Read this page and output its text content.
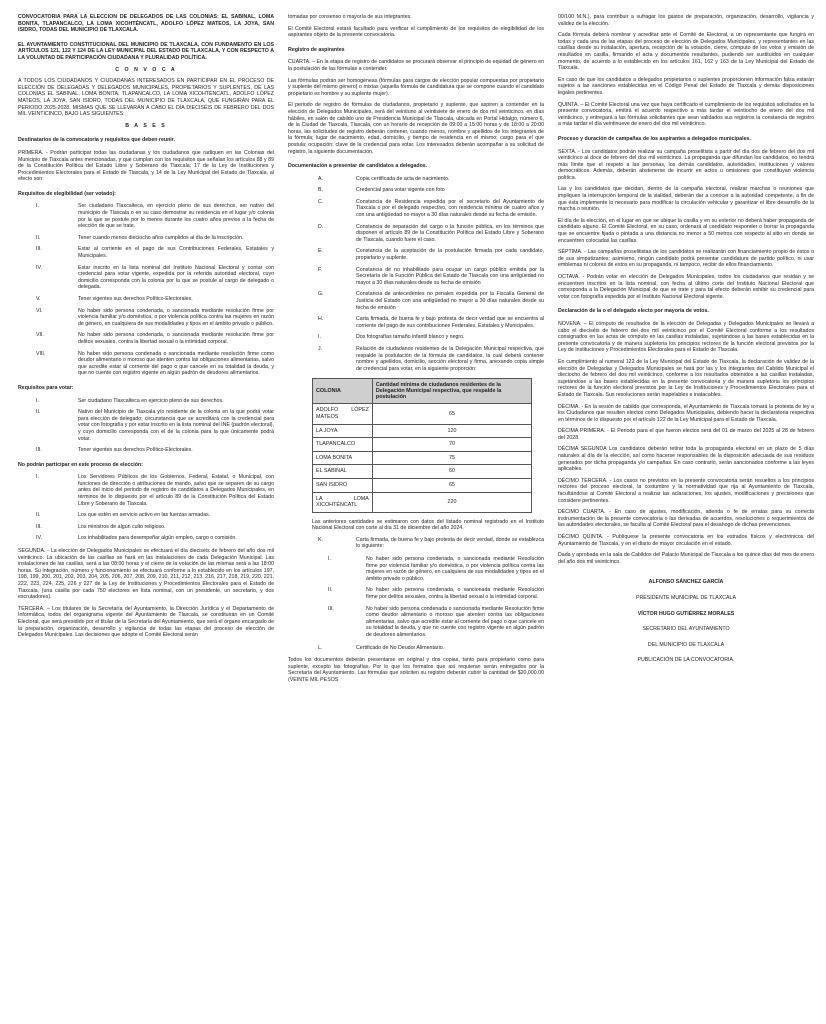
CONVOCATORIA PARA LA ELECCIÓN DE DELEGADOS DE LAS COLONIAS: EL SABINAL, LOMA BONITA, TLAPANCALCO, LA LOMA XICOHTÉNCATL, ADOLFO LÓPEZ MATEOS, LA JOYA, SAN ISIDRO, TODAS DEL MUNICIPIO DE TLAXCALA.

EL AYUNTAMIENTO CONSTITUCIONAL DEL MUNICIPIO DE TLAXCALA, CON FUNDAMENTO EN LOS ARTÍCULOS 121, 122 Y 124 DE LA LEY MUNICIPAL DEL ESTADO DE TLAXCALA, Y CON RESPECTO A LA VOLUNTAD DE PARTICIPACIÓN CIUDADANA Y PLURALIDAD POLÍTICA.

C O N V O C A

A TODOS LOS CIUDADANOS Y CIUDADANAS INTERESADOS EN PARTICIPAR EN EL PROCESO DE ELECCIÓN DE DELEGADAS Y DELEGADOS MUNICIPALES, PROPIETARIOS Y SUPLENTES, DE LAS COLONIAS EL SABINAL, LOMA BONITA, TLAPANCALCO, LA LOMA XICOHTÉNCATL, ADOLFO LÓPEZ MATEOS, LA JOYA, SAN ISIDRO, TODAS DEL MUNICIPIO DE TLAXCALA, QUE FUNGIRÁN PARA EL PERIODO 2025-2028, MISMAS QUE SE LLEVARÁN A CABO EL DÍA DIECISÉIS DE FEBRERO DEL DOS MIL VEINTICINCO, BAJO LAS SIGUIENTES:

B A S E S

Destinatarios de la convocatoria y requisitos que deben reunir.

PRIMERA. - Podrán participar todas las ciudadanas y los ciudadanos que radiquen en las Colonias del Municipio de Tlaxcala antes mencionadas, y que cumplan con los requisitos que señalan los artículos 88 y 89 de la Constitución Política del Estado Libre y Soberano de Tlaxcala; 17 de la Ley de Instituciones y Procedimientos Electorales para el Estado de Tlaxcala, y 14 de la Ley Municipal del Estado de Tlaxcala, al efecto son:

Requisitos de elegibilidad (ser votado):

I.	Ser ciudadano Tlaxcalteca, en ejercicio pleno de sus derechos, ser nativo del municipio de Tlaxcala o en su caso demostrar su residencia en el lugar y/o colonia por la que se postule por lo menos durante los cuatro años previos a la fecha de elección de que se trate.
II.	Tener cuando menos dieciocho años cumplidos al día de la inscripción.
III.	Estar al corriente en el pago de sus Contribuciones Federales, Estatales y Municipales.
IV.	Estar inscrito en la lista nominal del Instituto Nacional Electoral y contar con credencial para votar vigente, expedida por la referida autoridad electoral, cuyo domicilio corresponda con la colonia por la que se postule al cargo de delegado o delegada.
V.	Tener vigentes sus derechos Político-Electorales.
VI.	No haber sido persona condenada, o sancionada mediante resolución firme por violencia familiar y/o doméstica, o por violencia política contra las mujeres en razón de género, en cualquiera de sus modalidades y tipos en el ámbito privado o público.
VII.	No haber sido persona condenada, o sancionada mediante resolución firme por delitos sexuales, contra la libertad sexual o la intimidad corporal.
VIII.	No haber sido persona condenada o sancionada mediante resolución firme como deudor alimentario o moroso que atenten contra las obligaciones alimentarias, salvo que acredite estar al corriente del pago o que cancele en su totalidad la deuda, y que no cuente con registro vigente en algún padrón de deudores alimentarios.

Requisitos para votar:

I.	Ser ciudadano Tlaxcalteca en ejercicio pleno de sus derechos.
II.	Nativo del Municipio de Tlaxcala y/o residente de la colonia en la que podrá votar para elección de delegado; circunstancia que se acreditará con la credencial para votar con fotografía y por estar inscrito en la lista nominal del INE (padrón electoral), y cuyo domicilio corresponda con el de la colonia para la que únicamente podrá votar.
III.	Tener vigentes sus derechos Político-Electorales.

No podrán participar en este proceso de elección:

I.	Los Servidores Públicos de los Gobiernos, Federal, Estatal, o Municipal, con funciones de dirección o atribuciones de mando, salvo que se separen de su cargo antes del inicio del periodo de registro de candidatos a Delegados Municipales, en términos de lo dispuesto por el artículo 89 de la Constitución Política del Estado Libre y Soberano de Tlaxcala.
II.	Los que estén en servicio activo en las fuerzas armadas.
III.	Los ministros de algún culto religioso.
IV.	Los inhabilitados para desempeñar algún empleo, cargo o comisión.

SEGUNDA. - La elección de Delegados Municipales se efectuará el día dieciséis de febrero del año dos mil veinticinco. La ubicación de las casillas se hará en las instalaciones de cada Delegación Municipal. Las instalaciones de las casillas, será a las 08:00 horas y el cierre de la votación de las mismas será a las 18:00 horas. Su integración, número y funcionamiento se efectuará conforme a lo establecido en los artículos 197, 198, 199, 200, 201, 202, 203, 204, 205, 206, 207, 208, 209, 210, 211, 212, 213, 216, 217, 218, 219, 220, 221, 222, 223, 224, 225, 226 y 227 de la Ley de Instituciones y Procedimientos Electorales para el Estado de Tlaxcala, (una casilla por cada 750 electores en lista nominal, con un presidente, un secretario, y dos escrutadores).

TERCERA. – Los titulares de la Secretaría del Ayuntamiento, la Dirección Jurídica y el Departamento de Informática, todos del organigrama vigente del Ayuntamiento de Tlaxcala, se constituirán en un Comité Electoral, que será presidido por el titular de la Secretaría del Ayuntamiento, que será el órgano encargado de la preparación, organización, desarrollo y vigilancia de todas las etapas del proceso de elección de Delegados Municipales. Las decisiones que adopte el Comité Electoral serán

tomadas por consenso o mayoría de sus integrantes.

El Comité Electoral estará facultado para verificar el cumplimiento de los requisitos de elegibilidad de los aspirantes objeto de la presente convocatoria.

Registro de aspirantes

CUARTA. – En la etapa de registro de candidatos se procurará observar el principio de equidad de género en la postulación de las fórmulas a contender.

Las fórmulas podrán ser homogéneas (fórmulas para cargos de elección popular compuestas por propietario y suplente del mismo género) o mixtas (aquella fórmula de candidatura que se compone cuando el candidato propietario es hombre y su suplente mujer).

El periodo de registro de fórmulas de ciudadanos, propietario y suplente, que aspiren a contender en la elección de Delegados Municipales, será del veintiuno al veintisiete de enero de dos mil veinticinco, en días hábiles, en salón de cabildo uno de Presidencia Municipal de Tlaxcala, ubicada en Portal Hidalgo, número 6, de la Ciudad de Tlaxcala, Tlaxcala, con un horario de recepción de 09:00 a 15:00 horas y de 18:00 a 20:00 horas, las solicitudes de registro deberán contener, cuando menos, nombre y apellidos de los integrantes de la fórmula; lugar de nacimiento, edad, domicilio, y tiempo de residencia en el mismo; cargo para el que postula; ocupación; clave de la credencial para votar. Los interesados deberán acompañar a su solicitud de registro, la siguiente documentación.

Documentación a presentar de candidatos a delegados.

A.	Copia certificada de acta de nacimiento.
B.	Credencial para votar vigente con foto
C.	Constancia de Residencia expedida por el secretario del Ayuntamiento de Tlaxcala o por el delegado respectivo, con residencia mínima de cuatro años y con una antigüedad no mayor a 30 días naturales desde su fecha de emisión.
D.	Constancia de separación del cargo o la función pública, en los términos que disponen el artículo 89 de la Constitución Política del Estado Libre y Soberano de Tlaxcala, cuando fuere el caso.
E.	Constancia de la aceptación de la postulación firmada por cada candidato, propietario y suplente.
F.	Constancia de no inhabilitado para ocupar un cargo público emitida por la Secretaría de la Función Pública del Estado de Tlaxcala con una antigüedad no mayor a 30 días naturales desde su fecha de emisión
G.	Constancia de antecedentes no penales expedida por la Fiscalía General de Justicia del Estado con una antigüedad no mayor a 30 días naturales desde su fecha de emisión
H.	Carta firmada, de buena fe y bajo protesta de decir verdad que se encuentra al corriente del pago de sus contribuciones Federales, Estatales y Municipales.
I.	Dos fotografías tamaño infantil blanco y negro.
J.	Relación de ciudadanos residentes de la Delegación Municipal respectiva, que respalde la postulación de la fórmula de candidatos, la cual deberá contener nombre y apellidos, domicilio, sección electoral y firma, anexando copia simple de credencial para votar, en la siguiente proporción:
COLONIA	Cantidad mínima de ciudadanos residentes de la Delegación Municipal respectiva, que respalde la postulación
ADOLFO LÓPEZ MATEOS	65
LA JOYA	120
TLAPANCALCO	70
LOMA BONITA	75
EL SABINAL	60
SAN ISIDRO	65
LA LOMA XICOHTÉNCATL	220

Las anteriores cantidades se estimaron con datos del listado nominal registrado en el Instituto Nacional Electoral con corte al día 31 de diciembre del año 2024.

K.	Carta firmada, de buena fe y bajo protesta de decir verdad, donde se establezca lo siguiente:
I.	No haber sido persona condenada, o sancionada mediante Resolución firme por violencia familiar y/o doméstica, o por violencia política contra las mujeres en razón de género, en cualquiera de sus modalidades y tipos en el ámbito privado o público.
II.	No haber sido persona condenada, o sancionada mediante Resolución firme por delitos sexuales, contra la libertad sexual o la intimidad corporal.
III.	No haber sido persona condenada o sancionada mediante Resolución firme como deudor alimentario o moroso que atenten contra las obligaciones alimentarias, salvo que acredite estar al corriente del pago o que cancele en su totalidad la deuda, y que no cuente con registro vigente en algún padrón de deudores alimentarios.
L.	Certificado de No Deudor Alimentario.

Todos los documentos deberán presentarse en original y dos copias, tanto para propietario como para suplente, excepto las fotografías. Por lo que los formatos que así requieran serán entregados por la Secretaría del Ayuntamiento. Las fórmulas que soliciten su registro deberán cubrir la cantidad de $20,000.00 (VEINTE MIL PESOS

00/100 M.N.), para contribuir a sufragar los gastos de preparación, organización, desarrollo, vigilancia y validez de la elección.

Cada fórmula deberá nombrar y acreditar ante el Comité de Electoral, a un representante que fungirá en todas y cada una de las etapas del proceso de elección de Delegados Municipales, y representantes en las casillas desde su instalación, apertura, recepción de la votación, cierre, cómputo de los votos y emisión de resultados en casilla, firmando el acta y documentos resultantes, pudiendo ser sustituidos en cualquier momento, de acuerdo a lo establecido en los artículos 161, 162 y 163 de la Ley Municipal del Estado de Tlaxcala.

En caso de que los candidatos a delegados propietarios o suplentes proporcionen información falsa estarán sujetos a las sanciones establecidas en el Código Penal del Estado de Tlaxcala y demás disposiciones legales pertinentes.

QUINTA. – El Comité Electoral una vez que haya certificado el cumplimiento de los requisitos solicitados en la presente convocatoria, emitirá el acuerdo respectivo a más tardar el veintiocho de enero del dos mil veinticinco, y entregará a las fórmulas solicitantes que sean validados sus registros la constancia de registro a más tardar el día veintinueve de enero del dos mil veinticinco.

Proceso y duración de campañas de los aspirantes a delegados municipales.

SEXTA. - Los candidatos podrán realizar su campaña proselitista a partir del día dos de febrero del dos mil veinticinco al doce de febrero del dos mil veinticinco. La propaganda que difundan los candidatos, no tendrá más límite que el respeto a las personas, los demás candidatos, autoridades, instituciones y valores democráticos. Además, deberán abstenerse de incurrir en actos u omisiones que constituyan violencia política.

Las y los candidatos que decidan, dentro de la campaña electoral, realizar marchas o reuniones que impliquen la interrupción temporal de la vialidad, deberán dar a conocer a la autoridad competente, a fin de que ésta implemente lo necesario para modificar la circulación vehicular y garantizar el libre desarrollo de la marcha o reunión.

El día de la elección, en el lugar en que se ubique la casilla y en su exterior no deberá haber propaganda de candidato alguno. El Comité Electoral, en su caso, ordenará al candidato responder o borrar la propaganda que se encuentre fijada o pintada a una distancia no menor a 50 metros con respecto al sitio en donde se encuentren colocadas las casillas.

SÉPTIMA. - Las campañas proselitistas de los candidatos se realizarán con financiamiento propio de éstos o de sus simpatizantes; asimismo, ningún candidato podrá presentar candidatura de partido político, ni usar emblemas ni colores de estos en su propaganda, ni tampoco, recibir de ellos financiamiento.

OCTAVA. - Podrán votar en elección de Delegados Municipales, todos los ciudadanos que residan y se encuentren inscritos en la lista nominal, con fecha al último corte del Instituto Nacional Electoral que corresponda a la Delegación Municipal de que se trate y para tal efecto deberán exhibir su credencial para votar con fotografía expedida por el Instituto Nacional Electoral vigente.

Declaración de la o el delegado electo por mayoría de votos.

NOVENA. – El cómputo de resultados de la elección de Delegadas y Delegados Municipales se llevará a cabo el dieciséis de febrero del dos mil veinticinco por el Comité Electoral conforme a los resultados consignados en las actas de cómputo en las casillas instaladas, sujetándose a las bases establecidas en la presente convocatoria y de manera supletoria los principios rectores de la función electoral previstos por la Ley de Instituciones y Procedimientos Electorales para el Estado de Tlaxcala.

En cumplimiento al numeral 122 de la Ley Municipal del Estado de Tlaxcala, la declaración de validez de la elección de Delegadas y Delegados Municipales se hará por las y los integrantes del Cabildo Municipal el dieciocho de febrero del dos mil veinticinco, conforme a los resultados obtenidos a las casillas instaladas, sujetándose a las bases establecidas en la presente convocatoria y de manera supletoria los principios rectores de la función electoral previstos por la Ley de Instituciones y Procedimientos Electorales para el Estado de Tlaxcala. Sus resoluciones serán inapelables e inatacables.

DÉCIMA. - En la sesión de cabildo que corresponda, el Ayuntamiento de Tlaxcala tomará la protesta de ley a los Ciudadanos que resulten electos como Delegados Municipales, debiendo hacer la declaratoria respectiva en términos de lo dispuesto por el artículo 122 de la Ley Municipal para el Estado de Tlaxcala.

DÉCIMA PRIMERA. - El Periodo para el que fueron electos será del 01 de marzo del 2025 al 28 de febrero del 2028.

DÉCIMA SEGUNDA Los candidatos deberán retirar toda la propaganda electoral en un plazo de 5 días naturales al día de la elección, así como hacerse responsables de la disposición adecuada de sus residuos generados por dicha propaganda y/o campañas. En caso contrario, serán sancionados conforme a las leyes aplicables.

DÉCIMO TERCERA. - Los casos no previstos en la presente convocatoria serán resueltos a los principios rectores del proceso electoral, la costumbre y la normatividad que rija al Ayuntamiento de Tlaxcala, facultándose al Comité Electoral a realizar las aclaraciones, los ajustes, modificaciones y precisiones que considere pertinentes.

DÉCIMO CUARTA. - En caso de ajustes, modificación, adenda o fe de erratas para su correcta instrumentación de la presente convocatoria o las derivadas de acuerdos, resoluciones o requerimientos de las autoridades electorales, se faculta al Comité Electoral para el desahogo de dichas prevenciones.

DÉCIMO QUINTA. - Publíquese la presente convocatoria en los estrados físicos y electrónicos del Ayuntamiento de Tlaxcala, y en el diario de mayor circulación en el estado.

Dada y aprobada en la sala de Cabildos del Palacio Municipal de Tlaxcala a los quince días del mes de enero del año dos mil veinticinco.

ALFONSO SÁNCHEZ GARCÍA

PRESIDENTE MUNICIPAL DE TLAXCALA

VÍCTOR HUGO GUTIÉRREZ MORALES

SECRETARIO DEL AYUNTAMIENTO

DEL MUNICIPIO DE TLAXCALA

PUBLICACIÓN DE LA CONVOCATORIA.
